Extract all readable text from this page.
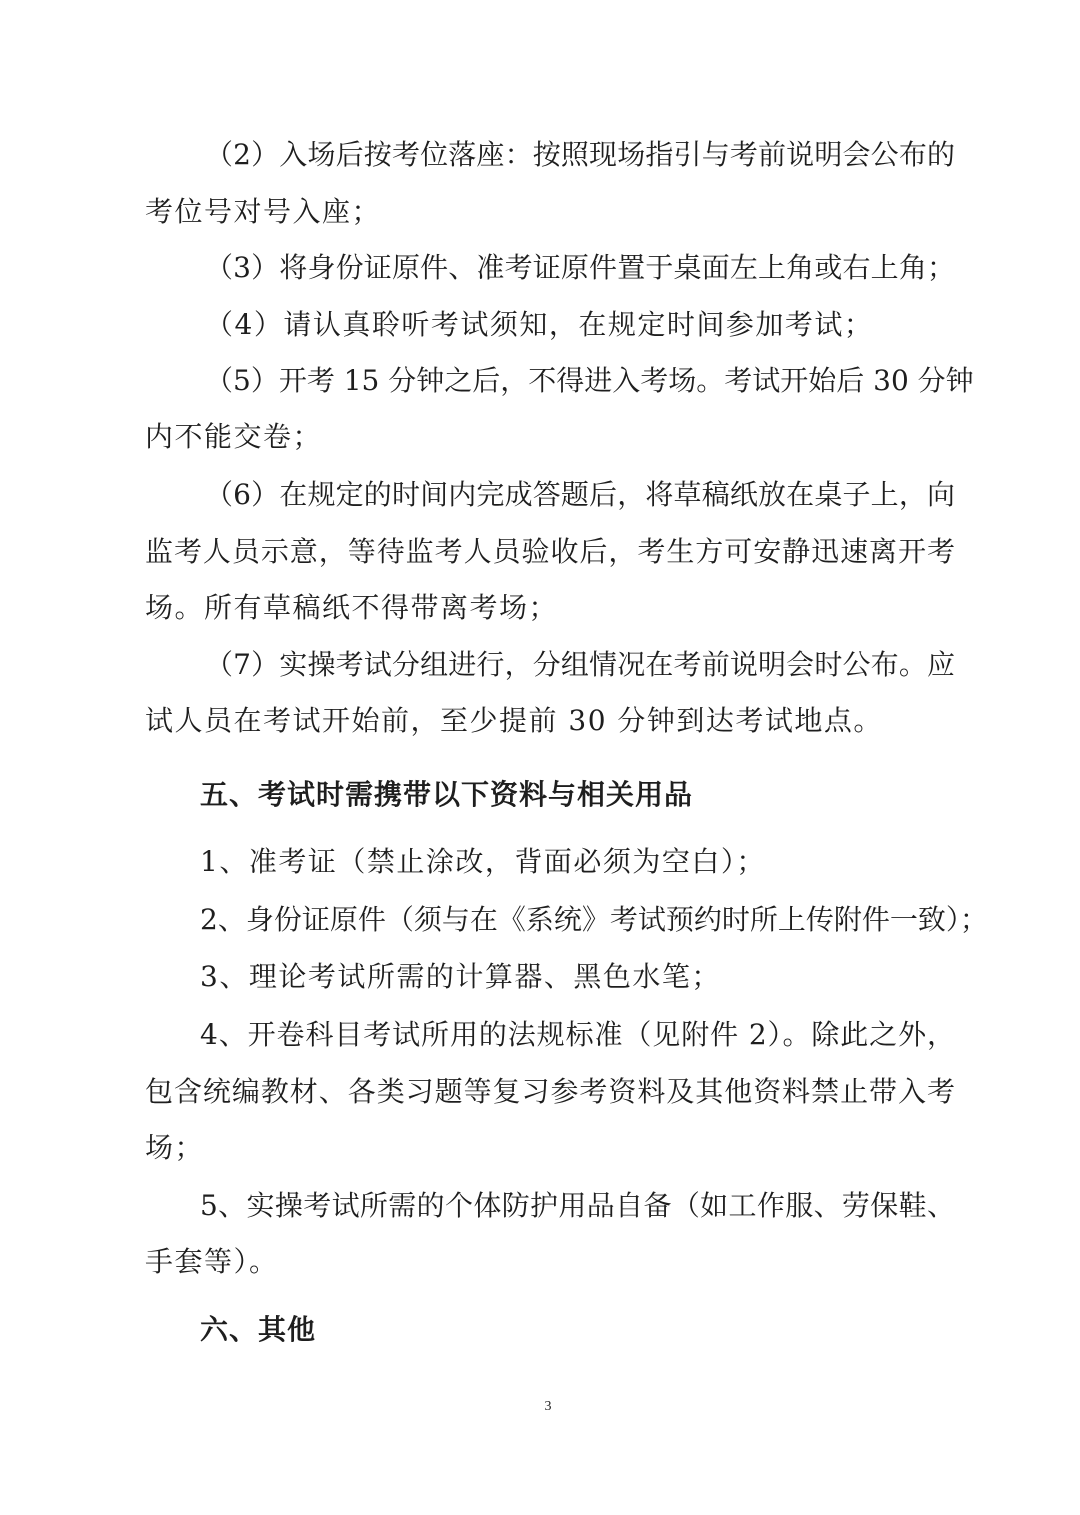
（2）入场后按考位落座：按照现场指引与考前说明会公布的
考位号对号入座；
（3）将身份证原件、准考证原件置于桌面左上角或右上角；
（4）请认真聆听考试须知，在规定时间参加考试；
（5）开考 15 分钟之后，不得进入考场。考试开始后 30 分钟
内不能交卷；
（6）在规定的时间内完成答题后，将草稿纸放在桌子上，向
监考人员示意，等待监考人员验收后，考生方可安静迅速离开考
场。所有草稿纸不得带离考场；
（7）实操考试分组进行，分组情况在考前说明会时公布。应
试人员在考试开始前，至少提前 30 分钟到达考试地点。
五、考试时需携带以下资料与相关用品
1、准考证（禁止涂改，背面必须为空白）；
2、身份证原件（须与在《系统》考试预约时所上传附件一致）；
3、理论考试所需的计算器、黑色水笔；
4、开卷科目考试所用的法规标准（见附件 2）。除此之外，
包含统编教材、各类习题等复习参考资料及其他资料禁止带入考
场；
5、实操考试所需的个体防护用品自备（如工作服、劳保鞋、
手套等）。
六、其他
3
